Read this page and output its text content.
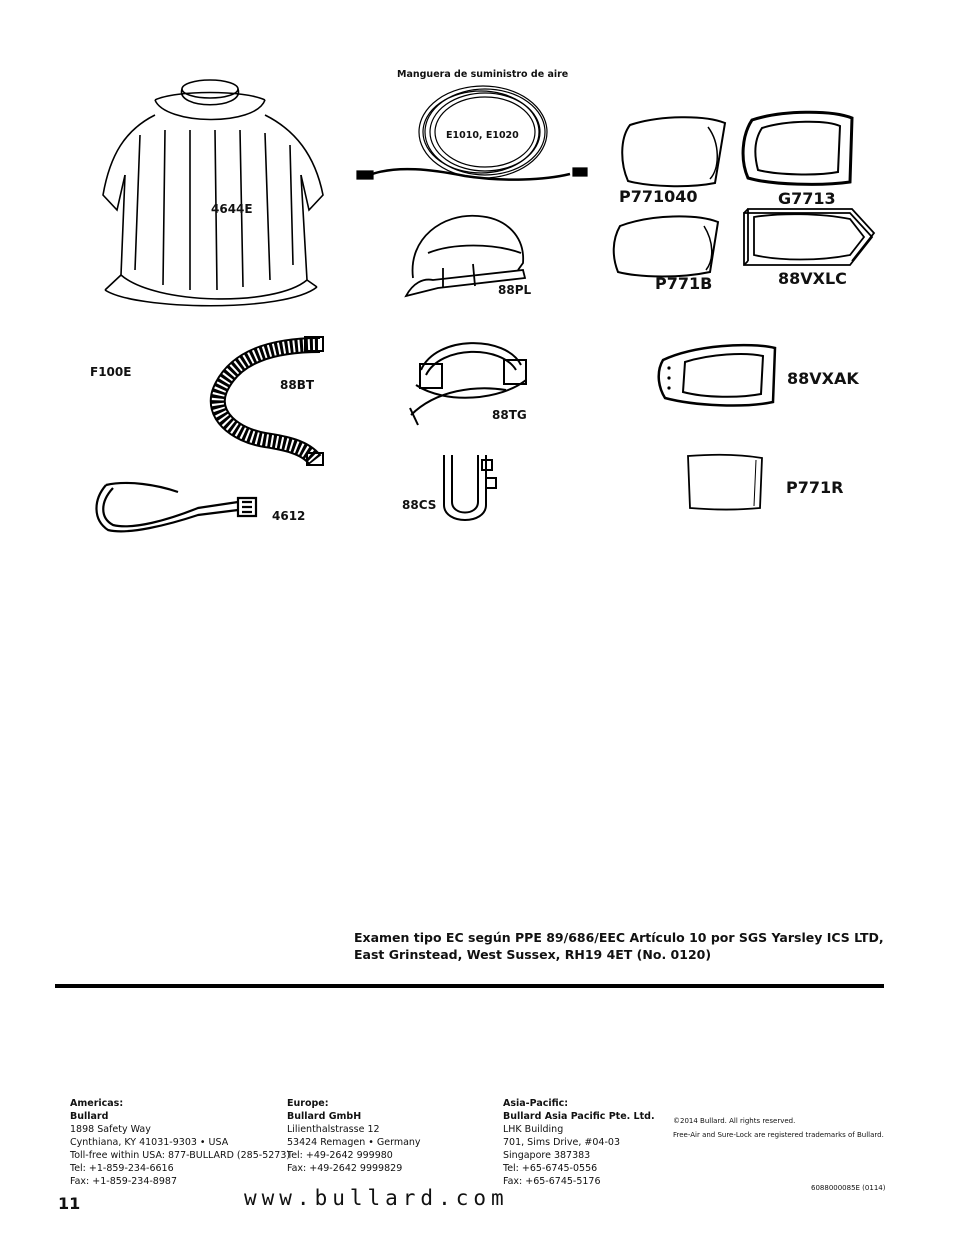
4644E
Manguera de suministro de aire
E1010, E1020
P771040	G7713
88PL	P771B	88VXLC
F100E
88BT
88TG
88VXAK
4612
88CS
P771R
Examen tipo EC según PPE 89/686/EEC Artículo 10 por SGS Yarsley ICS LTD,
East Grinstead, West Sussex, RH19 4ET (No. 0120)
Americas:
Bullard
1898 Safety Way
Cynthiana, KY 41031-9303 • USA
Toll-free within USA: 877-BULLARD (285-5273)
Tel: +1-859-234-6616
Fax: +1-859-234-8987
Europe:
Bullard GmbH
Lilienthalstrasse 12
53424 Remagen • Germany
Tel: +49-2642 999980
Fax: +49-2642 9999829
Asia-Pacific:
Bullard Asia Pacific Pte. Ltd.
LHK Building
701, Sims Drive, #04-03
Singapore 387383
Tel: +65-6745-0556
Fax: +65-6745-5176
©2014 Bullard. All rights reserved.
Free-Air and Sure-Lock are registered trademarks of Bullard.
11	www.bullard.com	6088000085E (0114)
